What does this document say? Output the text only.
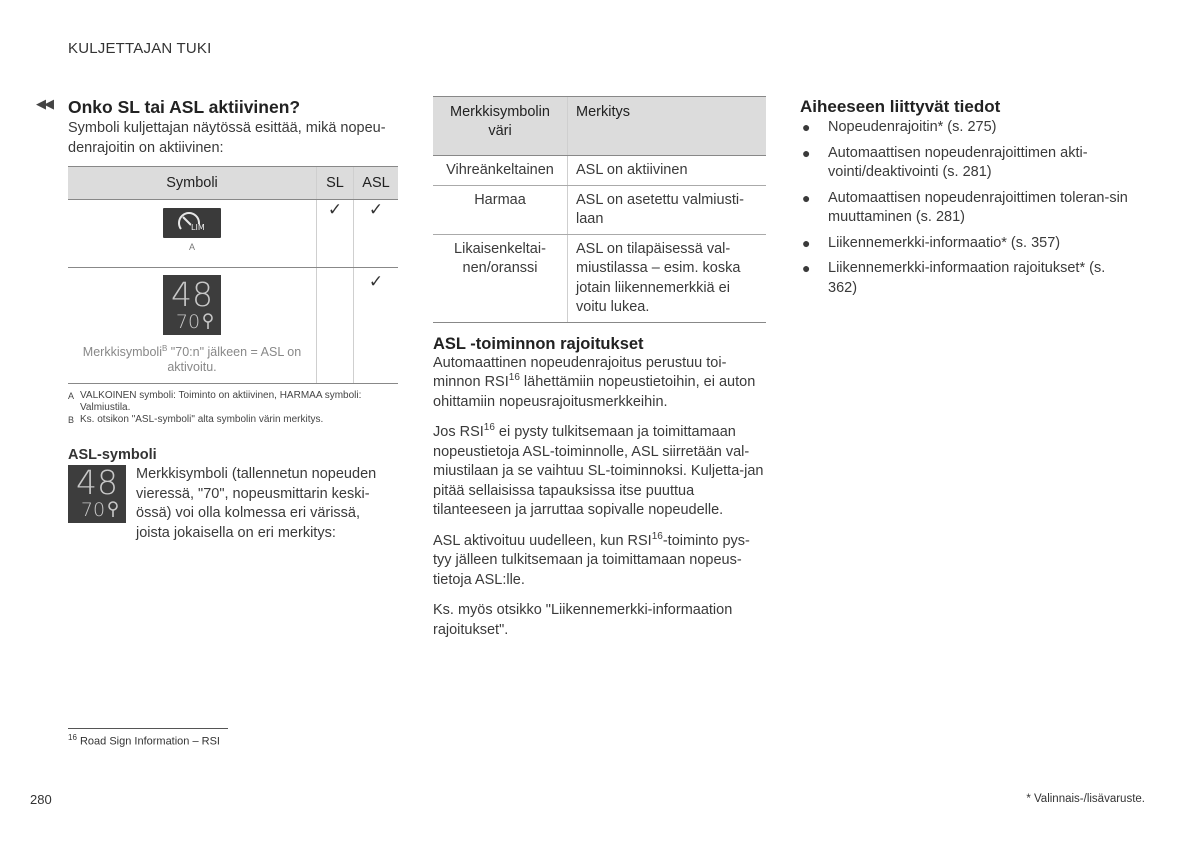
KULJETTAJAN TUKI
◀◀ Onko SL tai ASL aktiivinen?

Symboli kuljettajan näytössä esittää, mikä nopeu-denrajoitin on aktiivinen:

Symboli	SL	ASL

LIM
A	✓	✓

48
70
Merkkisymboli$^B$ "70:n" jälkeen = ASL on aktivoitu.		✓
A VALKOINEN symboli: Toiminto on aktiivinen, HARMAA symboli: Valmiustila.
B Ks. otsikon "ASL-symboli" alta symbolin värin merkitys.
ASL-symboli
48
70

Merkkisymboli (tallennetun nopeuden vieressä, "70", nopeusmittarin keski-össä) voi olla kolmessa eri värissä, joista jokaisella on eri merkitys:

Merkkisymbolin väri	Merkitys
Vihreänkeltainen	ASL on aktiivinen
Harmaa	ASL on asetettu valmiusti-laan
Likaisenkeltai-nen/oranssi	ASL on tilapäisessä val-miustilassa – esim. koska jotain liikennemerkkiä ei voitu lukea.
ASL -toiminnon rajoitukset

Automaattinen nopeudenrajoitus perustuu toi-minnon RSI$^{16}$ lähettämiin nopeustietoihin, ei auton ohittamiin nopeusrajoitusmerkkeihin.

Jos RSI$^{16}$ ei pysty tulkitsemaan ja toimittamaan nopeustietoja ASL-toiminnolle, ASL siirretään val-miustilaan ja se vaihtuu SL-toiminnoksi. Kuljetta-jan pitää sellaisissa tapauksissa itse puuttua tilanteeseen ja jarruttaa sopivalle nopeudelle.

ASL aktivoituu uudelleen, kun RSI$^{16}$-toiminto pys-tyy jälleen tulkitsemaan ja toimittamaan nopeus-tietoja ASL:lle.

Ks. myös otsikko "Liikennemerkki-informaation rajoitukset".

Aiheeseen liittyvät tiedot
● Nopeudenrajoitin* (s. 275)
● Automaattisen nopeudenrajoittimen akti-vointi/deaktivointi (s. 281)
● Automaattisen nopeudenrajoittimen toleran-sin muuttaminen (s. 281)
● Liikennemerkki-informaatio* (s. 357)
● Liikennemerkki-informaation rajoitukset* (s. 362)
$^{16}$ Road Sign Information – RSI
280	* Valinnais-/lisävaruste.
